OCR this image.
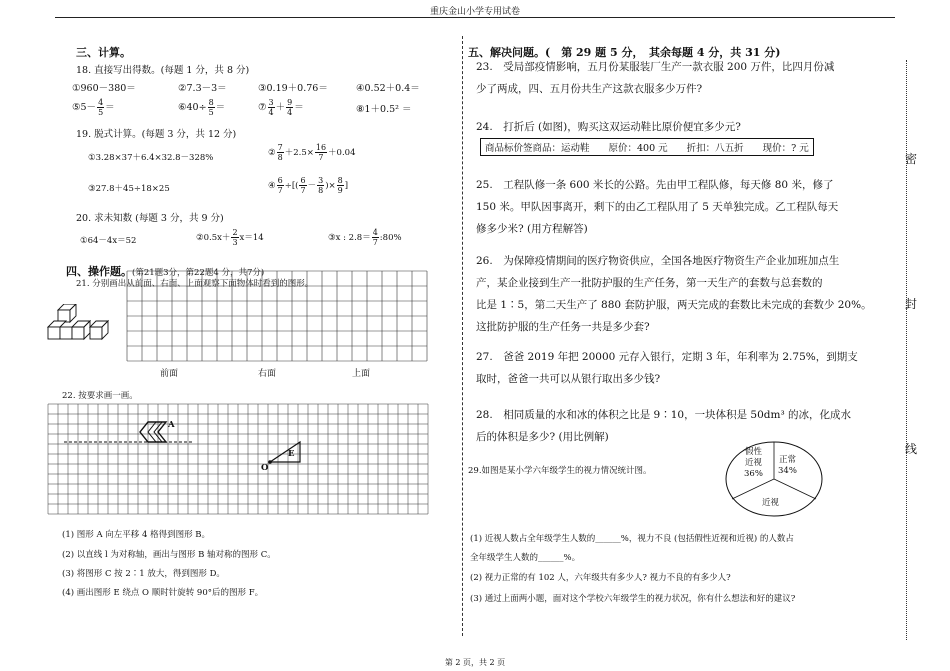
重庆金山小学专用试卷
密
封
线
第 2 页，共 2 页
三、计算。
18. 直接写出得数。(每题 1 分，共 8 分)
①960－380＝	②7.3－3＝	③0.19＋0.76＝	④0.52＋0.4＝
⑤5－ $\frac{4}{5}$ ＝	⑥40÷ $\frac{8}{5}$ ＝	⑦ $\frac{3}{4} + \frac{9}{4}$ ＝	⑧1＋0.5² ＝
19. 脱式计算。(每题 3 分，共 12 分)
①3.28×37＋6.4×32.8－328%	② $\frac{7}{8} +2.5\times \frac{16}{7} +0.04$
③27.8＋45÷18×25	④ $\frac{6}{7}$ ÷[( $\frac{6}{7} - \frac{3}{8}$ )× $\frac{8}{9}$ ]
20. 求未知数 (每题 3 分，共 9 分)
①64－4x＝52	②0.5x＋ $\frac{2}{3} x=14$	③x : $2.8= \frac{4}{7}$ :80%
四、操作题。(第21题3分，第22题4 分，共7分)
21. 分别画出从前面、右面、上面观察下面物体时看到的图形。
前面	右面	上面
22. 按要求画一画。
A
E
O
(1) 图形 A 向左平移 4 格得到图形 B。
(2) 以直线 l 为对称轴，画出与图形 B 轴对称的图形 C。
(3) 将图形 C 按 2∶1 放大，得到图形 D。
(4) 画出图形 E 绕点 O 顺时针旋转 90°后的图形 F。
五、解决问题。(　第 29 题 5 分，　其余每题 4 分，共 31 分)
23.　受局部疫情影响，五月份某服装厂生产一款衣服 200 万件，比四月份减
少了两成，四、五月份共生产这款衣服多少万件?
24.　打折后 (如图)，购买这双运动鞋比原价便宜多少元?
商品标价签商品：运动鞋　　原价：400 元　　折扣：八五折　　现价：? 元
25.　工程队修一条 600 米长的公路。先由甲工程队修，每天修 80 米，修了
150 米。甲队因事离开，剩下的由乙工程队用了 5 天单独完成。乙工程队每天
修多少米? (用方程解答)
26.　为保障疫情期间的医疗物资供应，全国各地医疗物资生产企业加班加点生
产，某企业接到生产一批防护服的生产任务，第一天生产的套数与总套数的
比是 1∶5，第二天生产了 880 套防护服，两天完成的套数比未完成的套数少 20%。
这批防护服的生产任务一共是多少套?
27.　爸爸 2019 年把 20000 元存入银行，定期 3 年，年利率为 2.75%，到期支
取时，爸爸一共可以从银行取出多少钱?
28.　相同质量的水和冰的体积之比是 9∶10，一块体积是 50dm³ 的冰，化成水
后的体积是多少? (用比例解)
29.如图是某小学六年级学生的视力情况统计图。
假性
近视
36%
正常
34%
近视
(1) 近视人数占全年级学生人数的______%，视力不良 (包括假性近视和近视) 的人数占
全年级学生人数的______%。
(2) 视力正常的有 102 人，六年级共有多少人? 视力不良的有多少人?
(3) 通过上面两小题，面对这个学校六年级学生的视力状况，你有什么想法和好的建议?
